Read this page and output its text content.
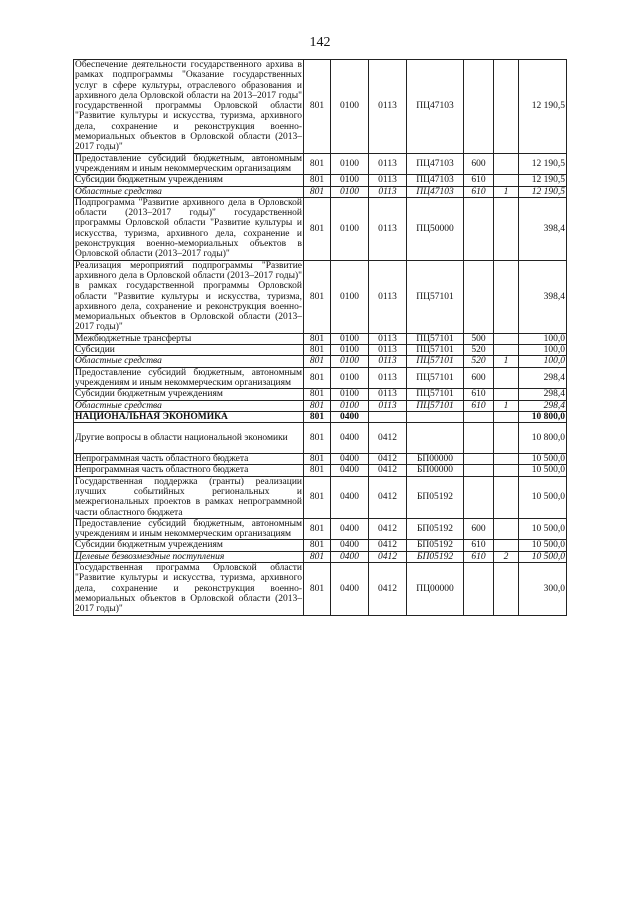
142
Обеспечение деятельности государственного архива в рамках подпрограммы "Оказание государственных услуг в сфере культуры, отраслевого образования и архивного дела Орловской области на 2013–2017 годы" государственной программы Орловской области "Развитие культуры и искусства, туризма, архивного дела, сохранение и реконструкция военно-мемориальных объектов в Орловской области (2013–2017 годы)"	801	0100	0113	ПЦ47103			12 190,5
Предоставление субсидий бюджетным, автономным учреждениям и иным некоммерческим организациям	801	0100	0113	ПЦ47103	600		12 190,5
Субсидии бюджетным учреждениям	801	0100	0113	ПЦ47103	610		12 190,5
Областные средства	801	0100	0113	ПЦ47103	610	1	12 190,5
Подпрограмма "Развитие архивного дела в Орловской области (2013–2017 годы)" государственной программы Орловской области "Развитие культуры и искусства, туризма, архивного дела, сохранение и реконструкция военно-мемориальных объектов в Орловской области (2013–2017 годы)"	801	0100	0113	ПЦ50000			398,4
Реализация мероприятий подпрограммы "Развитие архивного дела в Орловской области (2013–2017 годы)" в рамках государственной программы Орловской области "Развитие культуры и искусства, туризма, архивного дела, сохранение и реконструкция военно-мемориальных объектов в Орловской области (2013–2017 годы)"	801	0100	0113	ПЦ57101			398,4
Межбюджетные трансферты	801	0100	0113	ПЦ57101	500		100,0
Субсидии	801	0100	0113	ПЦ57101	520		100,0
Областные средства	801	0100	0113	ПЦ57101	520	1	100,0
Предоставление субсидий бюджетным, автономным учреждениям и иным некоммерческим организациям	801	0100	0113	ПЦ57101	600		298,4
Субсидии бюджетным учреждениям	801	0100	0113	ПЦ57101	610		298,4
Областные средства	801	0100	0113	ПЦ57101	610	1	298,4
НАЦИОНАЛЬНАЯ ЭКОНОМИКА	801	0400					10 800,0
Другие вопросы в области национальной экономики	801	0400	0412				10 800,0
Непрограммная часть областного бюджета	801	0400	0412	БП00000			10 500,0
Непрограммная часть областного бюджета	801	0400	0412	БП00000			10 500,0
Государственная поддержка (гранты) реализации лучших событийных региональных и межрегиональных проектов в рамках непрограммной части областного бюджета	801	0400	0412	БП05192			10 500,0
Предоставление субсидий бюджетным, автономным учреждениям и иным некоммерческим организациям	801	0400	0412	БП05192	600		10 500,0
Субсидии бюджетным учреждениям	801	0400	0412	БП05192	610		10 500,0
Целевые безвозмездные поступления	801	0400	0412	БП05192	610	2	10 500,0
Государственная программа Орловской области "Развитие культуры и искусства, туризма, архивного дела, сохранение и реконструкция военно-мемориальных объектов в Орловской области (2013–2017 годы)"	801	0400	0412	ПЦ00000			300,0
